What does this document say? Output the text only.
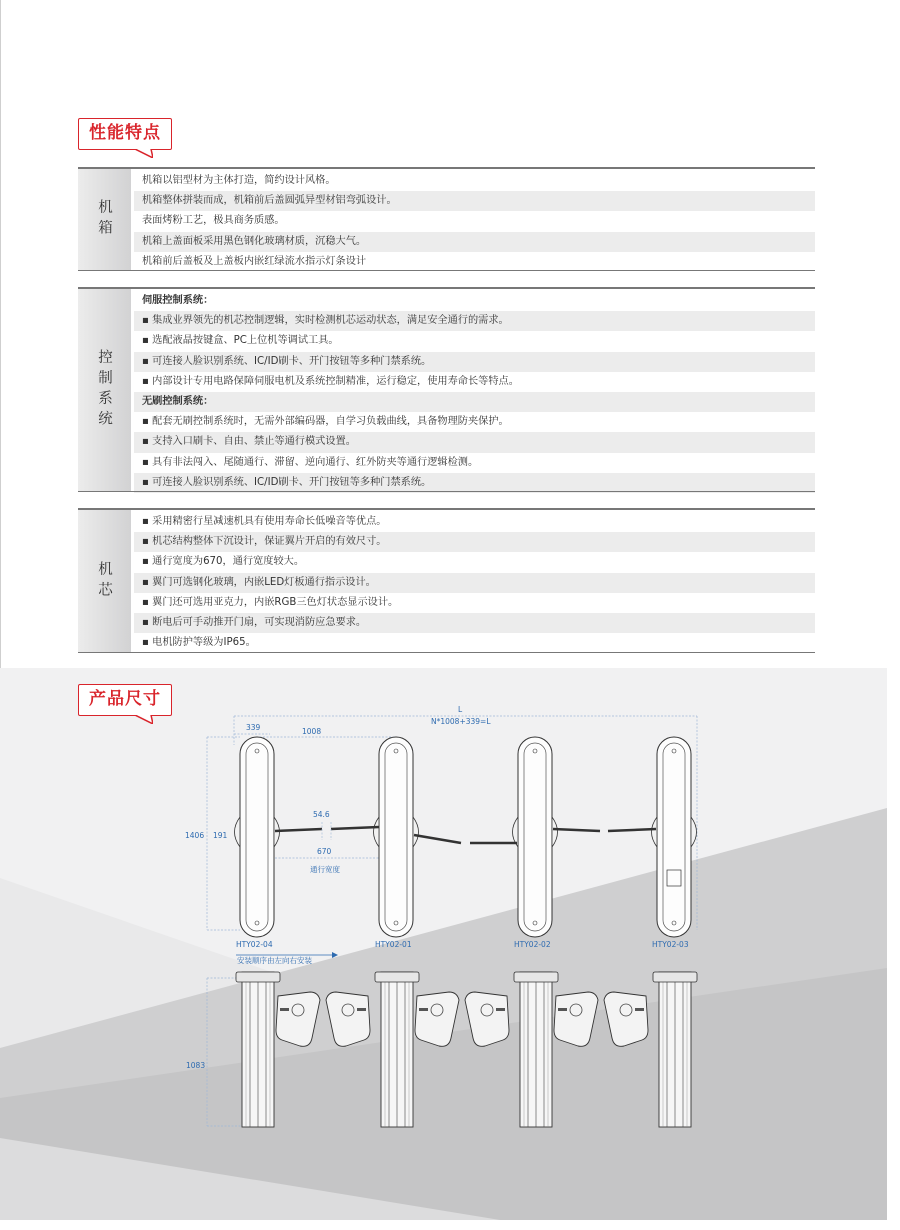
性能特点
机箱
机箱以铝型材为主体打造，简约设计风格。
机箱整体拼装而成，机箱前后盖圆弧异型材铝弯弧设计。
表面烤粉工艺，极具商务质感。
机箱上盖面板采用黑色钢化玻璃材质，沉稳大气。
机箱前后盖板及上盖板内嵌红绿流水指示灯条设计
控制系统
伺服控制系统：
▪ 集成业界领先的机芯控制逻辑，实时检测机芯运动状态，满足安全通行的需求。
▪ 选配液晶按键盒、PC上位机等调试工具。
▪ 可连接人脸识别系统、IC/ID刷卡、开门按钮等多种门禁系统。
▪ 内部设计专用电路保障伺服电机及系统控制精准，运行稳定，使用寿命长等特点。
无刷控制系统：
▪ 配套无刷控制系统时，无需外部编码器，自学习负载曲线，具备物理防夹保护。
▪ 支持入口刷卡、自由、禁止等通行模式设置。
▪ 具有非法闯入、尾随通行、滞留、逆向通行、红外防夹等通行逻辑检测。
▪ 可连接人脸识别系统、IC/ID刷卡、开门按钮等多种门禁系统。
机芯
▪ 采用精密行星减速机具有使用寿命长低噪音等优点。
▪ 机芯结构整体下沉设计，保证翼片开启的有效尺寸。
▪ 通行宽度为670，通行宽度较大。
▪ 翼门可选钢化玻璃，内嵌LED灯板通行指示设计。
▪ 翼门还可选用亚克力，内嵌RGB三色灯状态显示设计。
▪ 断电后可手动推开门扇，可实现消防应急要求。
▪ 电机防护等级为IP65。
产品尺寸
L
N*1008+339=L
339	1008
1406 191
54.6
670
通行宽度
HTY02-04	HTY02-01	HTY02-02	HTY02-03
安装顺序由左向右安装
1083
